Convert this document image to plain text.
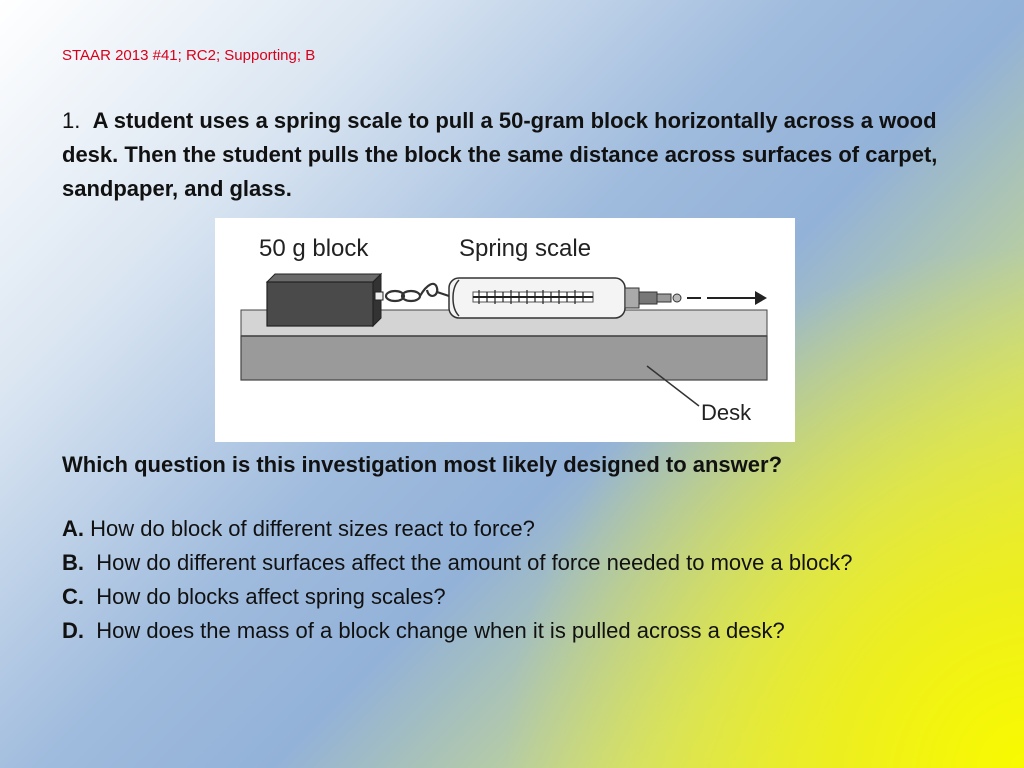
STAAR 2013 #41; RC2; Supporting; B
1. A student uses a spring scale to pull a 50-gram block horizontally across a wood desk. Then the student pulls the block the same distance across surfaces of carpet, sandpaper, and glass.
50 g block	Spring scale
Desk
Which question is this investigation most likely designed to answer?
A. How do block of different sizes react to force?
B. How do different surfaces affect the amount of force needed to move a block?
C. How do blocks affect spring scales?
D. How does the mass of a block change when it is pulled across a desk?
